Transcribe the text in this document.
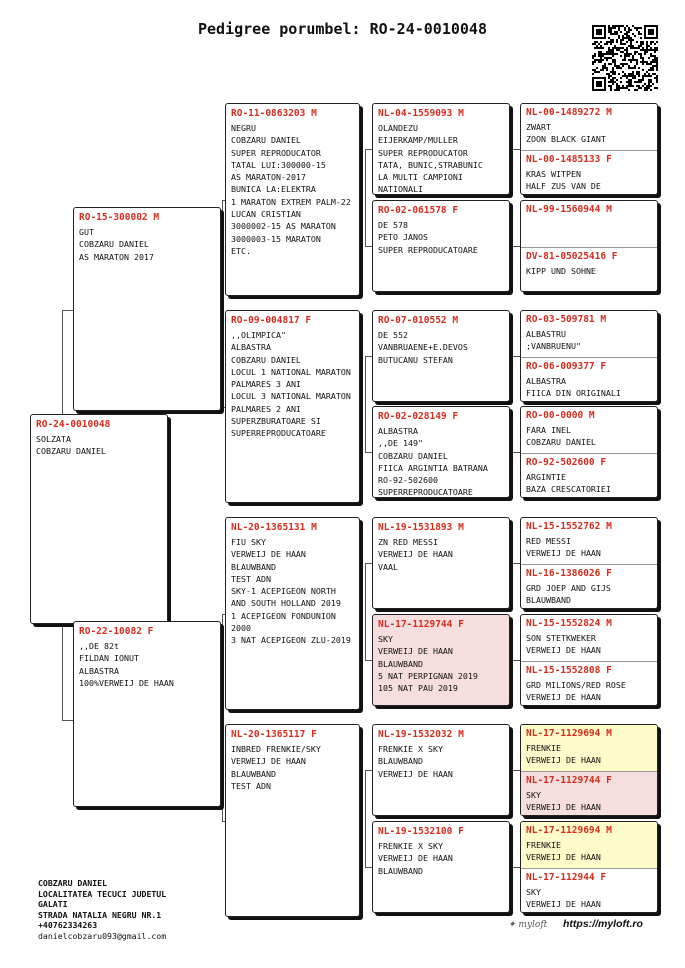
Pedigree porumbel: RO-24-0010048
RO-24-0010048
SOLZATA
COBZARU DANIEL
RO-15-300002 M
GUT
COBZARU DANIEL
AS MARATON 2017
RO-22-10082 F
,,DE 82t
FILDAN IONUT
ALBASTRA
100%VERWEIJ DE HAAN
RO-11-0863203 M
NEGRU
COBZARU DANIEL
SUPER REPRODUCATOR
TATAL LUI:300000-15
AS MARATON-2017
BUNICA LA:ELEKTRA
1 MARATON EXTREM PALM-22
LUCAN CRISTIAN
3000002-15 AS MARATON
3000003-15 MARATON
ETC.
RO-09-004817 F
,,OLIMPICA"
ALBASTRA
COBZARU DANIEL
LOCUL 1 NATIONAL MARATON
PALMARES 3 ANI
LOCUL 3 NATIONAL MARATON
PALMARES 2 ANI
SUPERZBURATOARE SI
SUPERREPRODUCATOARE
NL-20-1365131 M
FIU SKY
VERWEIJ DE HAAN
BLAUWBAND
TEST ADN
SKY-1 ACEPIGEON NORTH
AND SOUTH HOLLAND 2019
1 ACEPIGEON FONDUNION
2000
3 NAT ACEPIGEON ZLU-2019
NL-20-1365117 F
INBRED FRENKIE/SKY
VERWEIJ DE HAAN
BLAUWBAND
TEST ADN
NL-04-1559093 M
OLANDEZU
EIJERKAMP/MULLER
SUPER REPRODUCATOR
TATA, BUNIC,STRABUNIC
LA MULTI CAMPIONI
NATIONALI
RO-02-061578 F
DE 578
PETO JANOS
SUPER REPRODUCATOARE
RO-07-010552 M
DE 552
VANBRUAENE+E.DEVOS
BUTUCANU STEFAN
RO-02-028149 F
ALBASTRA
,,DE 149"
COBZARU DANIEL
FIICA ARGINTIA BATRANA
RO-92-502600
SUPERREPRODUCATOARE
NL-19-1531893 M
ZN RED MESSI
VERWEIJ DE HAAN
VAAL
NL-17-1129744 F
SKY
VERWEIJ DE HAAN
BLAUWBAND
5 NAT PERPIGNAN 2019
105 NAT PAU 2019
NL-19-1532032 M
FRENKIE X SKY
BLAUWBAND
VERWEIJ DE HAAN
NL-19-1532100 F
FRENKIE X SKY
VERWEIJ DE HAAN
BLAUWBAND
NL-00-1489272 M
ZWART
ZOON BLACK GIANT
NL-00-1485133 F
KRAS WITPEN
HALF ZUS VAN DE
NL-99-1560944 M
DV-81-05025416 F
KIPP UND SOHNE
RO-03-509781 M
ALBASTRU
;VANBRUENU"
RO-06-009377 F
ALBASTRA
FIICA DIN ORIGINALI
RO-00-0000 M
FARA INEL
COBZARU DANIEL
RO-92-502600 F
ARGINTIE
BAZA CRESCATORIEI
NL-15-1552762 M
RED MESSI
VERWEIJ DE HAAN
NL-16-1386026 F
GRD JOEP AND GIJS
BLAUWBAND
NL-15-1552824 M
SON STETKWEKER
VERWEIJ DE HAAN
NL-15-1552808 F
GRD MILIONS/RED ROSE
VERWEIJ DE HAAN
NL-17-1129694 M
FRENKIE
VERWEIJ DE HAAN
NL-17-1129744 F
SKY
VERWEIJ DE HAAN
NL-17-1129694 M
FRENKIE
VERWEIJ DE HAAN
NL-17-112944 F
SKY
VERWEIJ DE HAAN
COBZARU DANIEL
LOCALITATEA TECUCI JUDETUL
GALATI
STRADA NATALIA NEGRU NR.1
+40762334263
danielcobzaru093@gmail.com
✦ myloft https://myloft.ro
